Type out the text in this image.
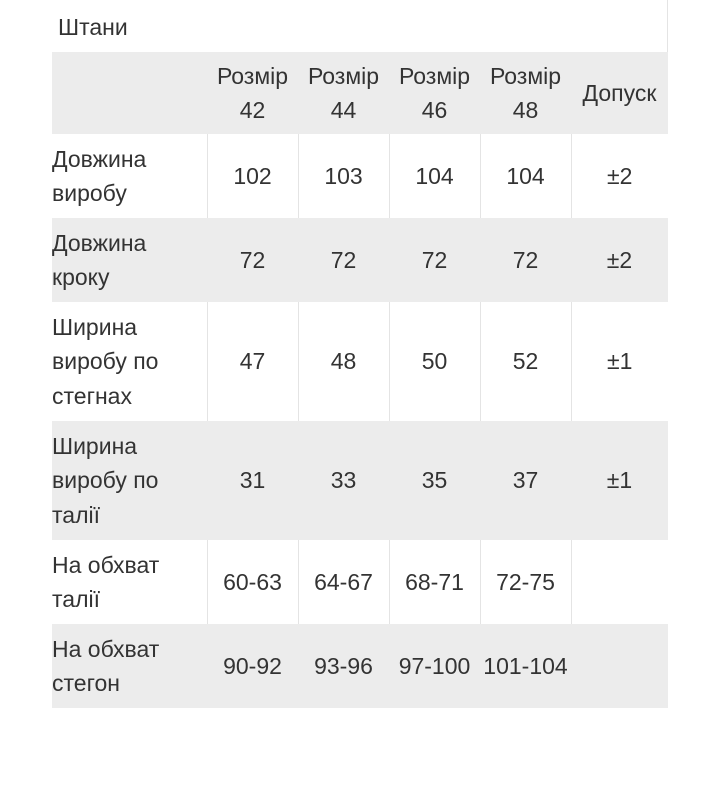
Штани
	Розмір 42	Розмір 44	Розмір 46	Розмір 48	Допуск
Довжина виробу	102	103	104	104	±2
Довжина кроку	72	72	72	72	±2
Ширина виробу по стегнах	47	48	50	52	±1
Ширина виробу по талії	31	33	35	37	±1
На обхват талії	60-63	64-67	68-71	72-75	
На обхват стегон	90-92	93-96	97-100	101-104	
